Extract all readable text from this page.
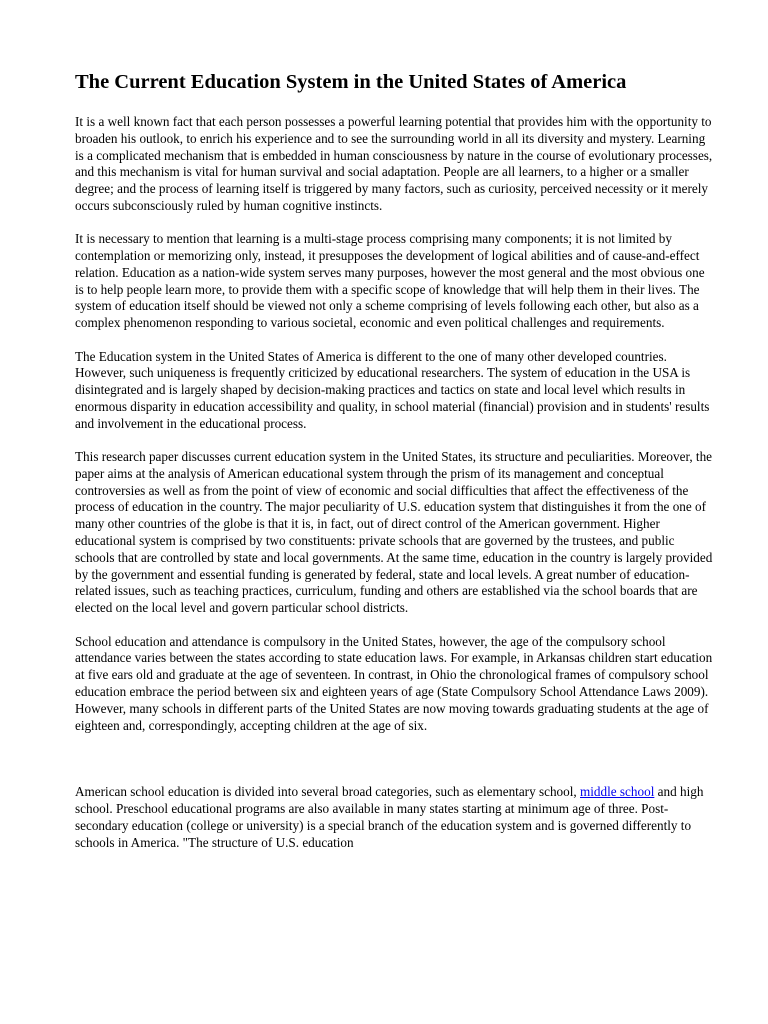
The Current Education System in the United States of America

It is a well known fact that each person possesses a powerful learning potential that provides him with the opportunity to broaden his outlook, to enrich his experience and to see the surrounding world in all its diversity and mystery. Learning is a complicated mechanism that is embedded in human consciousness by nature in the course of evolutionary processes, and this mechanism is vital for human survival and social adaptation. People are all learners, to a higher or a smaller degree; and the process of learning itself is triggered by many factors, such as curiosity, perceived necessity or it merely occurs subconsciously ruled by human cognitive instincts.

It is necessary to mention that learning is a multi-stage process comprising many components; it is not limited by contemplation or memorizing only, instead, it presupposes the development of logical abilities and of cause-and-effect relation. Education as a nation-wide system serves many purposes, however the most general and the most obvious one is to help people learn more, to provide them with a specific scope of knowledge that will help them in their lives. The system of education itself should be viewed not only a scheme comprising of levels following each other, but also as a complex phenomenon responding to various societal, economic and even political challenges and requirements.

The Education system in the United States of America is different to the one of many other developed countries. However, such uniqueness is frequently criticized by educational researchers. The system of education in the USA is disintegrated and is largely shaped by decision-making practices and tactics on state and local level which results in enormous disparity in education accessibility and quality, in school material (financial) provision and in students' results and involvement in the educational process.

This research paper discusses current education system in the United States, its structure and peculiarities. Moreover, the paper aims at the analysis of American educational system through the prism of its management and conceptual controversies as well as from the point of view of economic and social difficulties that affect the effectiveness of the process of education in the country. The major peculiarity of U.S. education system that distinguishes it from the one of many other countries of the globe is that it is, in fact, out of direct control of the American government. Higher educational system is comprised by two constituents: private schools that are governed by the trustees, and public schools that are controlled by state and local governments. At the same time, education in the country is largely provided by the government and essential funding is generated by federal, state and local levels. A great number of education-related issues, such as teaching practices, curriculum, funding and others are established via the school boards that are elected on the local level and govern particular school districts.

School education and attendance is compulsory in the United States, however, the age of the compulsory school attendance varies between the states according to state education laws. For example, in Arkansas children start education at five ears old and graduate at the age of seventeen. In contrast, in Ohio the chronological frames of compulsory school education embrace the period between six and eighteen years of age (State Compulsory School Attendance Laws 2009). However, many schools in different parts of the United States are now moving towards graduating students at the age of eighteen and, correspondingly, accepting children at the age of six.

American school education is divided into several broad categories, such as elementary school, middle school and high school. Preschool educational programs are also available in many states starting at minimum age of three. Post-secondary education (college or university) is a special branch of the education system and is governed differently to schools in America. "The structure of U.S. education
